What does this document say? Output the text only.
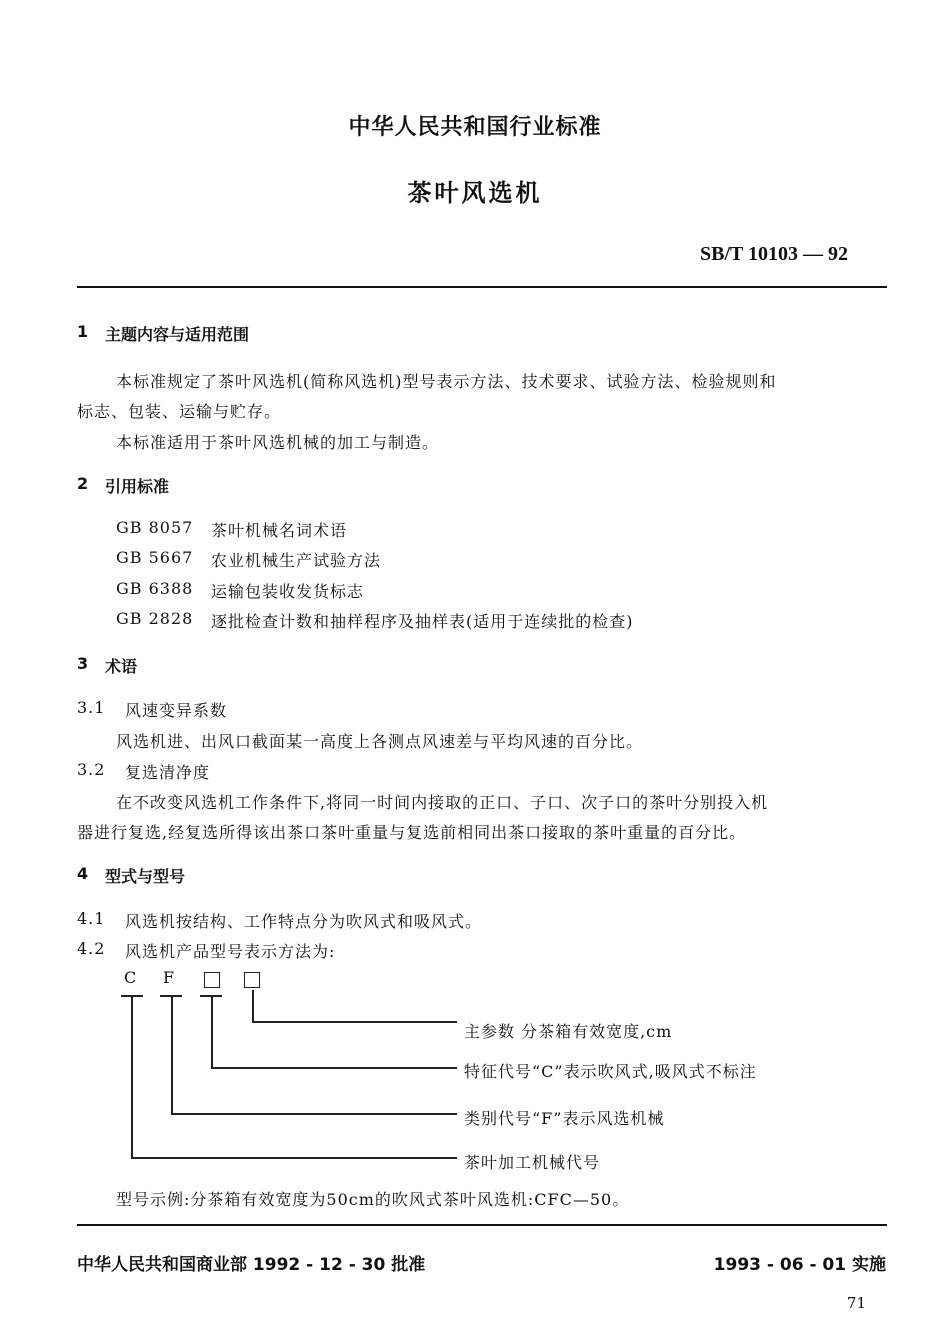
中华人民共和国行业标准
茶叶风选机
SB/T 10103 — 92
1 主题内容与适用范围
本标准规定了茶叶风选机(简称风选机)型号表示方法、技术要求、试验方法、检验规则和
标志、包装、运输与贮存。
本标准适用于茶叶风选机械的加工与制造。
2 引用标准
GB 8057 茶叶机械名词术语
GB 5667 农业机械生产试验方法
GB 6388 运输包装收发货标志
GB 2828 逐批检查计数和抽样程序及抽样表(适用于连续批的检查)
3 术语
3.1 风速变异系数
风选机进、出风口截面某一高度上各测点风速差与平均风速的百分比。
3.2 复选清净度
在不改变风选机工作条件下,将同一时间内接取的正口、子口、次子口的茶叶分别投入机
器进行复选,经复选所得该出茶口茶叶重量与复选前相同出茶口接取的茶叶重量的百分比。
4 型式与型号
4.1 风选机按结构、工作特点分为吹风式和吸风式。
4.2 风选机产品型号表示方法为:
C F
主参数 分茶箱有效宽度,cm
特征代号“C”表示吹风式,吸风式不标注
类别代号“F”表示风选机械
茶叶加工机械代号
型号示例:分茶箱有效宽度为50cm的吹风式茶叶风选机:CFC—50。
中华人民共和国商业部 1992 - 12 - 30 批准	1993 - 06 - 01 实施
71
